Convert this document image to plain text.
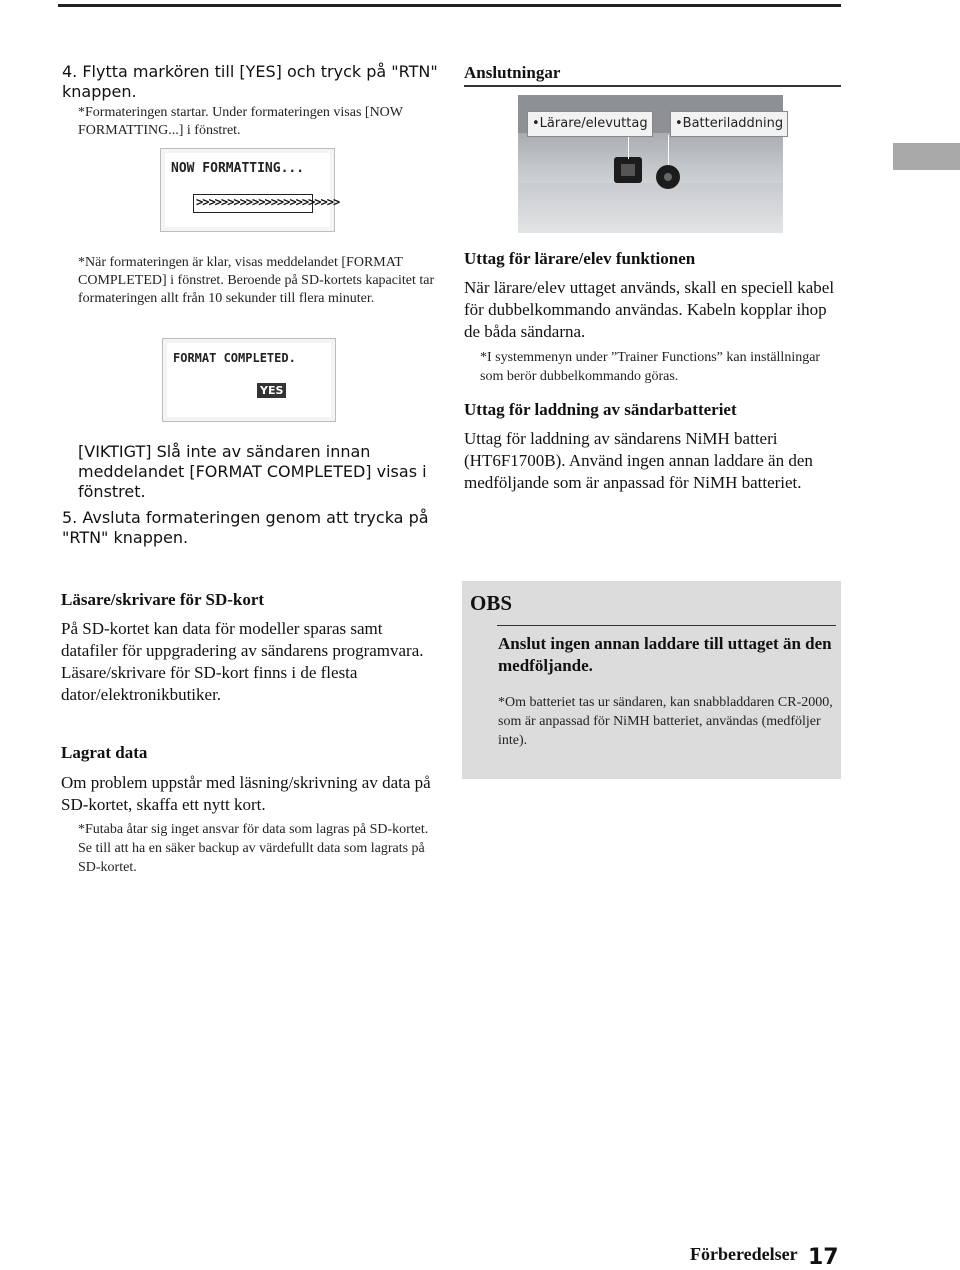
4. Flytta markören till [YES] och tryck på "RTN" knappen.

*Formateringen startar. Under formateringen visas [NOW FORMATTING...] i fönstret.

NOW FORMATTING...
>>>>>>>>>>>>>>>>>>>>>>>

*När formateringen är klar, visas meddelandet [FORMAT COMPLETED] i fönstret. Beroende på SD-kortets kapacitet tar formateringen allt från 10 sekunder till flera minuter.

FORMAT COMPLETED.
YES

[VIKTIGT] Slå inte av sändaren innan meddelandet [FORMAT COMPLETED] visas i fönstret.

5. Avsluta formateringen genom att trycka på "RTN" knappen.

Anslutningar
•Lärare/elevuttag	•Batteriladdning
Uttag för lärare/elev funktionen

När lärare/elev uttaget används, skall en speciell kabel för dubbelkommando användas. Kabeln kopplar ihop de båda sändarna.

*I systemmenyn under ”Trainer Functions” kan inställningar som berör dubbelkommando göras.

Uttag för laddning av sändarbatteriet

Uttag för laddning av sändarens NiMH batteri (HT6F1700B). Använd ingen annan laddare än den medföljande som är anpassad för NiMH batteriet.

Läsare/skrivare för SD-kort

På SD-kortet kan data för modeller sparas samt datafiler för uppgradering av sändarens programvara. Läsare/skrivare för SD-kort finns i de flesta dator/elektronikbutiker.

Lagrat data

Om problem uppstår med läsning/skrivning av data på SD-kortet, skaffa ett nytt kort.

*Futaba åtar sig inget ansvar för data som lagras på SD-kortet. Se till att ha en säker backup av värdefullt data som lagrats på SD-kortet.

OBS

Anslut ingen annan laddare till uttaget än den medföljande.

*Om batteriet tas ur sändaren, kan snabbladdaren CR-2000, som är anpassad för NiMH batteriet, användas (medföljer inte).

Förberedelser 17
